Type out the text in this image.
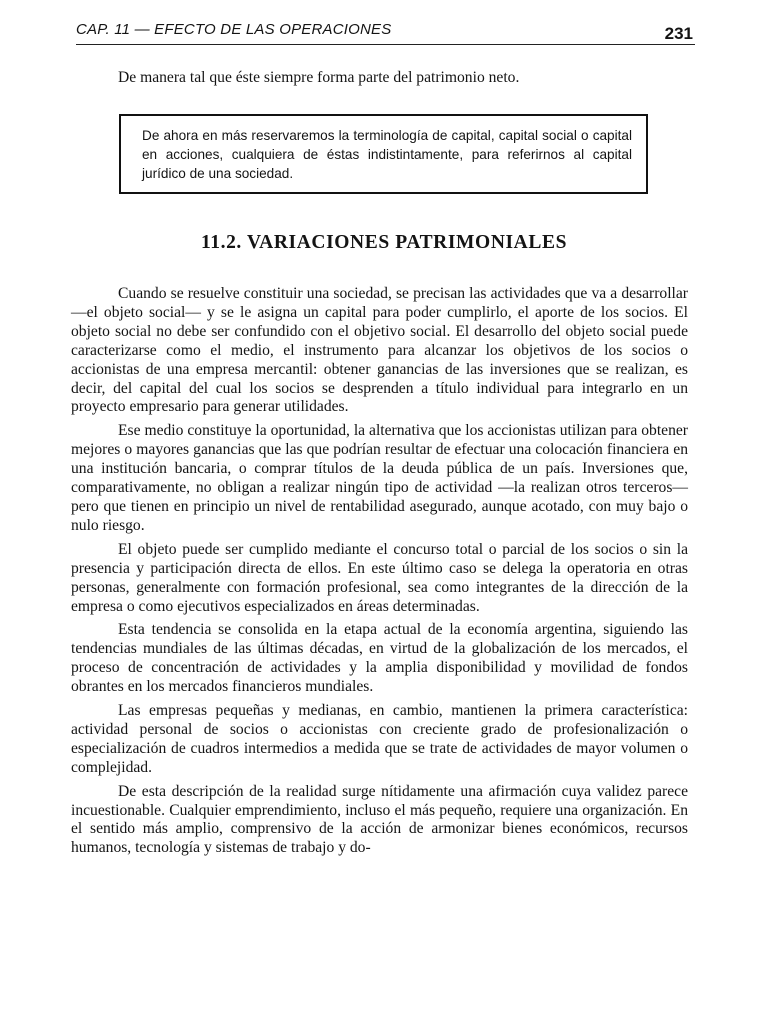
CAP. 11 — EFECTO DE LAS OPERACIONES	231

De manera tal que éste siempre forma parte del patrimonio neto.

De ahora en más reservaremos la terminología de capital, capital social o capital en acciones, cualquiera de éstas indistintamente, para referirnos al capital jurídico de una sociedad.

11.2. VARIACIONES PATRIMONIALES

Cuando se resuelve constituir una sociedad, se precisan las actividades que va a desarrollar —el objeto social— y se le asigna un capital para poder cumplirlo, el aporte de los socios. El objeto social no debe ser confundido con el objetivo social. El desarrollo del objeto social puede caracterizarse como el medio, el instrumento para alcanzar los objetivos de los socios o accionistas de una empresa mercantil: obtener ganancias de las inversiones que se realizan, es decir, del capital del cual los socios se desprenden a título individual para integrarlo en un proyecto empresario para generar utilidades.

Ese medio constituye la oportunidad, la alternativa que los accionistas utilizan para obtener mejores o mayores ganancias que las que podrían resultar de efectuar una colocación financiera en una institución bancaria, o comprar títulos de la deuda pública de un país. Inversiones que, comparativamente, no obligan a realizar ningún tipo de actividad —la realizan otros terceros— pero que tienen en principio un nivel de rentabilidad asegurado, aunque acotado, con muy bajo o nulo riesgo.

El objeto puede ser cumplido mediante el concurso total o parcial de los socios o sin la presencia y participación directa de ellos. En este último caso se delega la operatoria en otras personas, generalmente con formación profesional, sea como integrantes de la dirección de la empresa o como ejecutivos especializados en áreas determinadas.

Esta tendencia se consolida en la etapa actual de la economía argentina, siguiendo las tendencias mundiales de las últimas décadas, en virtud de la globalización de los mercados, el proceso de concentración de actividades y la amplia disponibilidad y movilidad de fondos obrantes en los mercados financieros mundiales.

Las empresas pequeñas y medianas, en cambio, mantienen la primera característica: actividad personal de socios o accionistas con creciente grado de profesionalización o especialización de cuadros intermedios a medida que se trate de actividades de mayor volumen o complejidad.

De esta descripción de la realidad surge nítidamente una afirmación cuya validez parece incuestionable. Cualquier emprendimiento, incluso el más pequeño, requiere una organización. En el sentido más amplio, comprensivo de la acción de armonizar bienes económicos, recursos humanos, tecnología y sistemas de trabajo y do-
